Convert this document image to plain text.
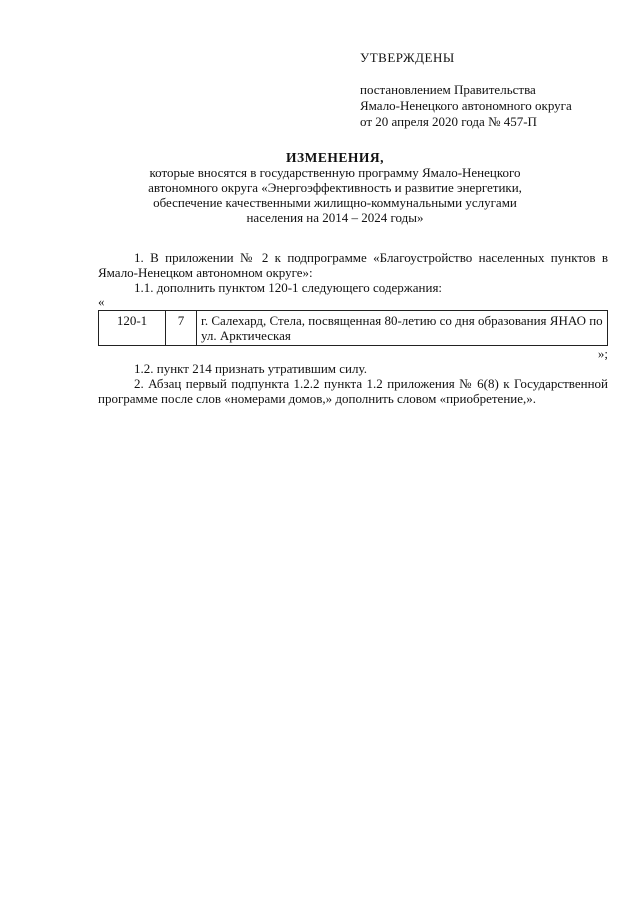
УТВЕРЖДЕНЫ
постановлением Правительства
Ямало-Ненецкого автономного округа
от 20 апреля 2020 года № 457-П
ИЗМЕНЕНИЯ,
которые вносятся в государственную программу Ямало-Ненецкого
автономного округа «Энергоэффективность и развитие энергетики,
обеспечение качественными жилищно-коммунальными услугами
населения на 2014 – 2024 годы»

1. В приложении № 2 к подпрограмме «Благоустройство населенных пунктов в Ямало-Ненецком автономном округе»:

1.1. дополнить пунктом 120-1 следующего содержания:

«

120-1	7	г. Салехард, Стела, посвященная 80-летию со дня образования ЯНАО по ул. Арктическая

»;

1.2. пункт 214 признать утратившим силу.

2. Абзац первый подпункта 1.2.2 пункта 1.2 приложения № 6(8) к Государственной программе после слов «номерами домов,» дополнить словом «приобретение,».
